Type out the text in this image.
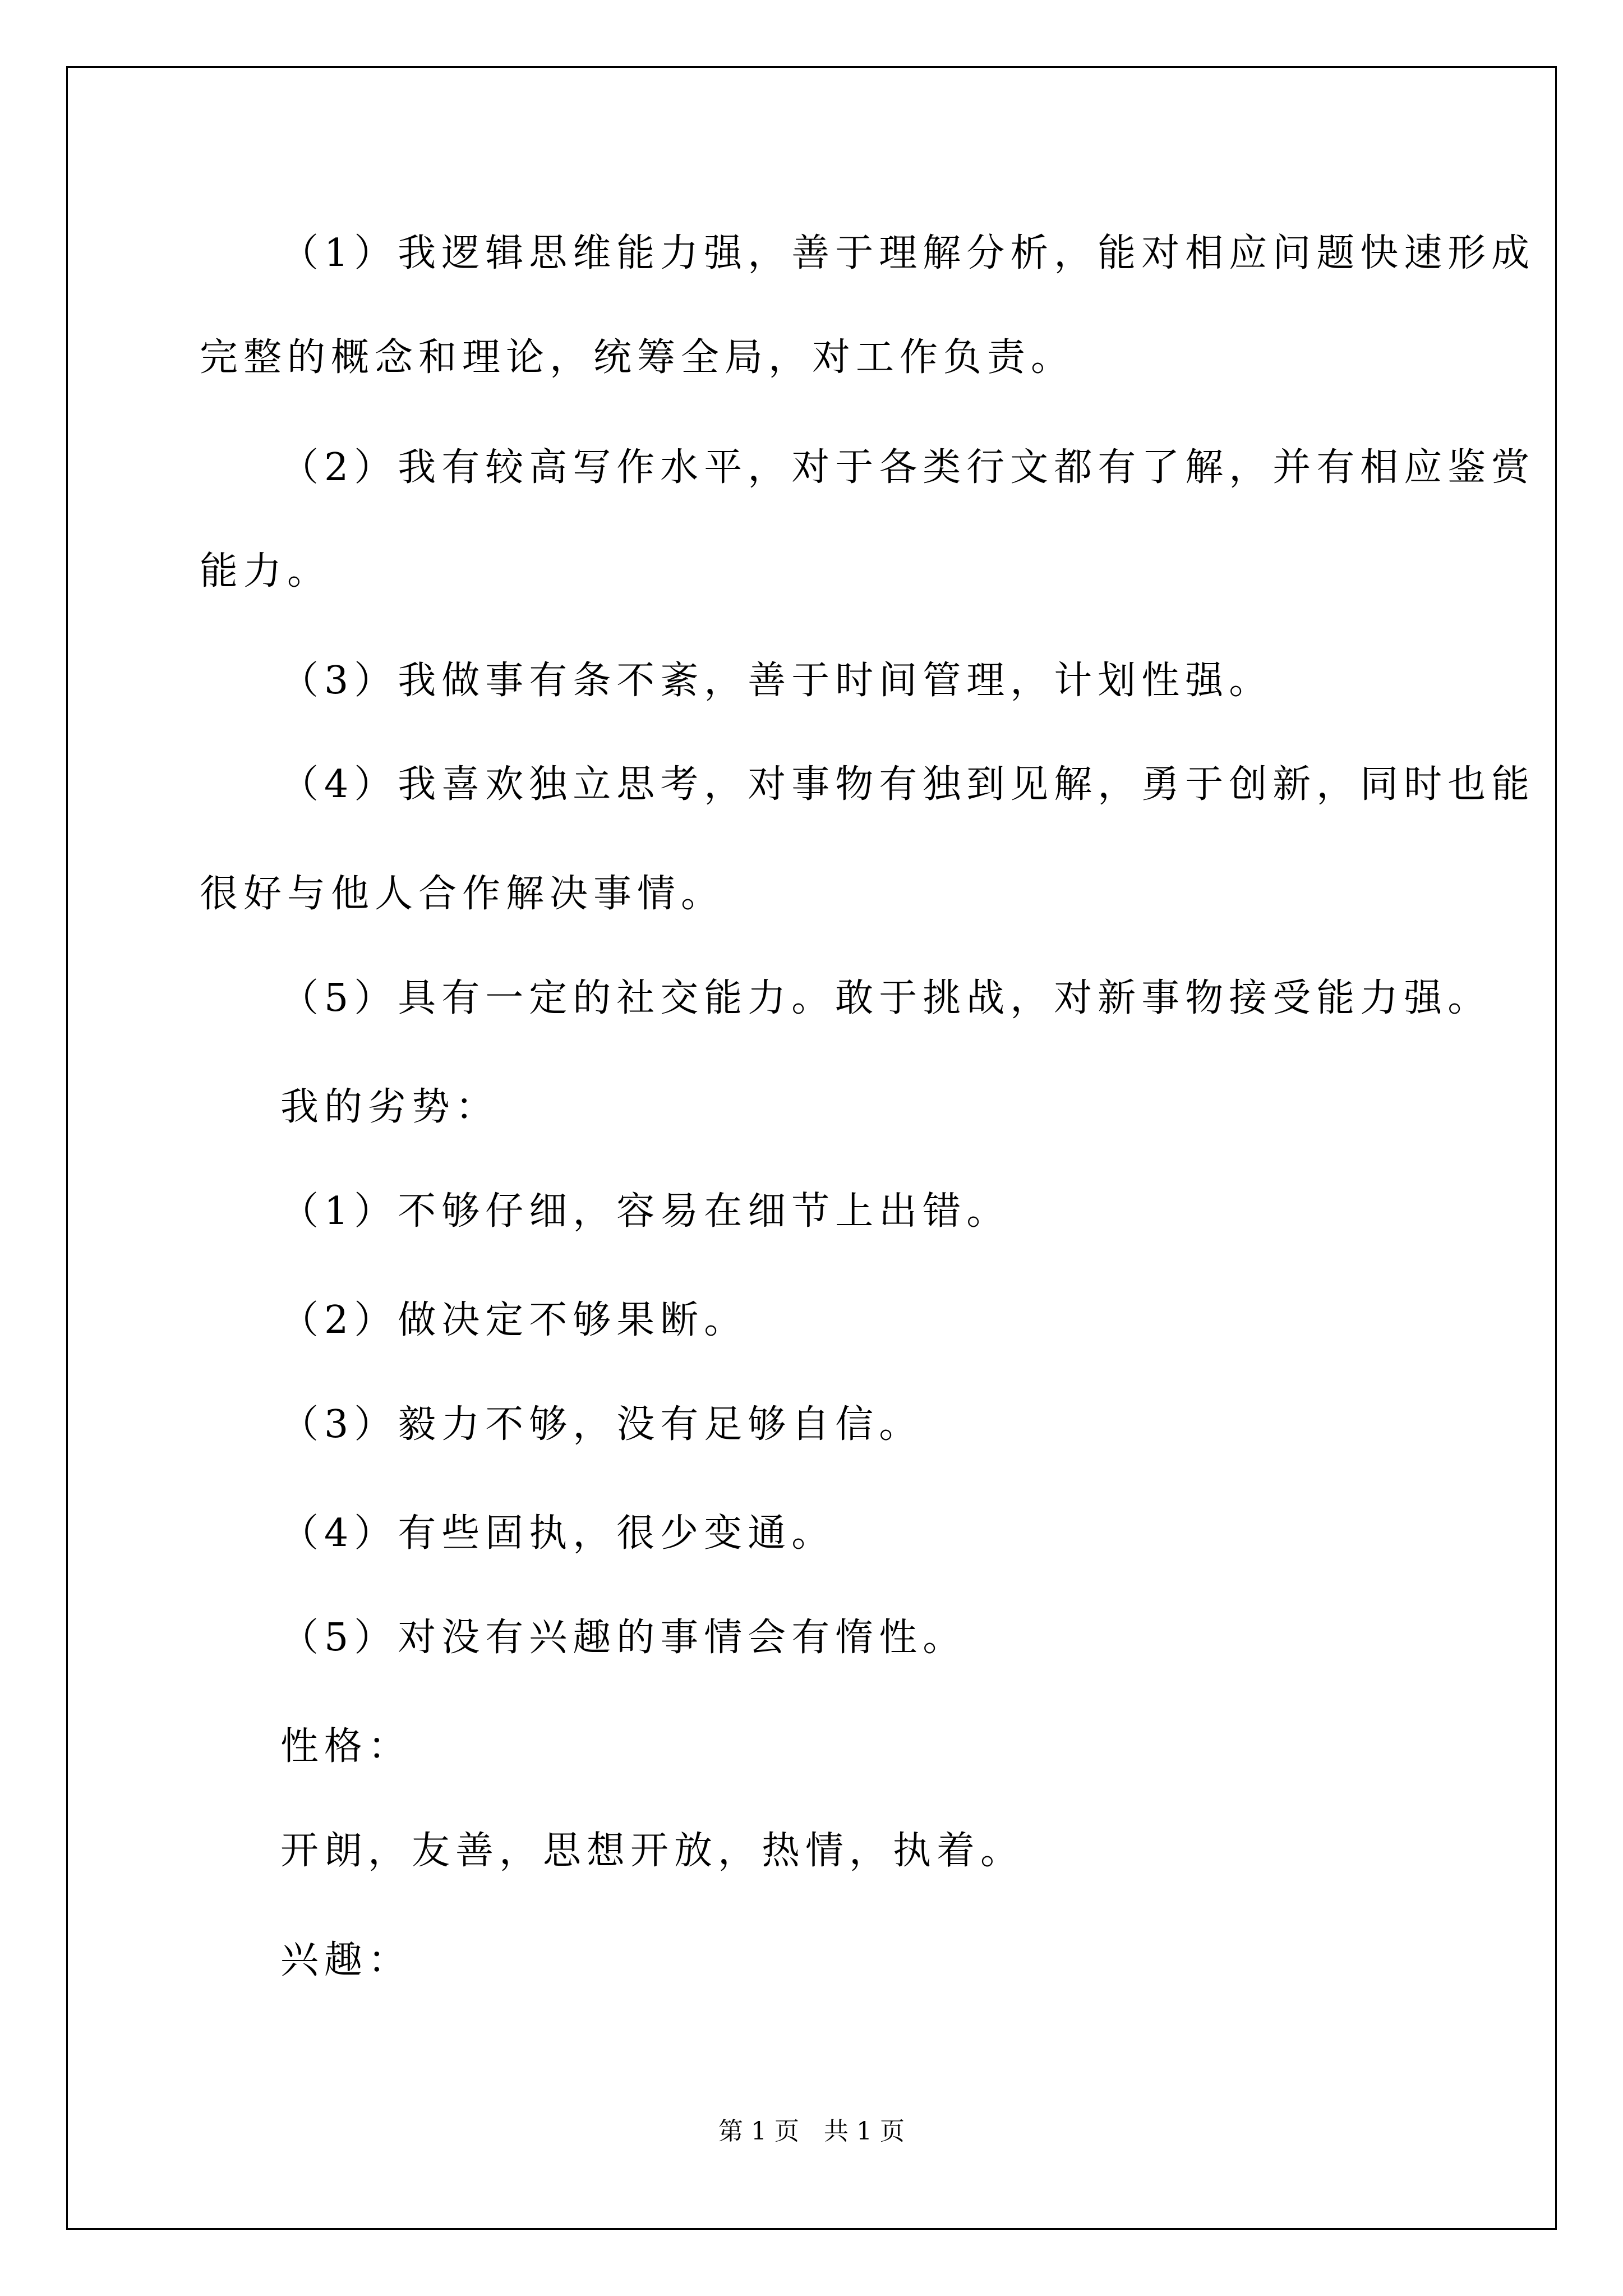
（1）我逻辑思维能力强，善于理解分析，能对相应问题快速形成
完整的概念和理论，统筹全局，对工作负责。
（2）我有较高写作水平，对于各类行文都有了解，并有相应鉴赏
能力。
（3）我做事有条不紊，善于时间管理，计划性强。
（4）我喜欢独立思考，对事物有独到见解，勇于创新，同时也能
很好与他人合作解决事情。
（5）具有一定的社交能力。敢于挑战，对新事物接受能力强。
我的劣势：
（1）不够仔细，容易在细节上出错。
（2）做决定不够果断。
（3）毅力不够，没有足够自信。
（4）有些固执，很少变通。
（5）对没有兴趣的事情会有惰性。
性格：
开朗，友善，思想开放，热情，执着。
兴趣：
第 1 页　共 1 页
